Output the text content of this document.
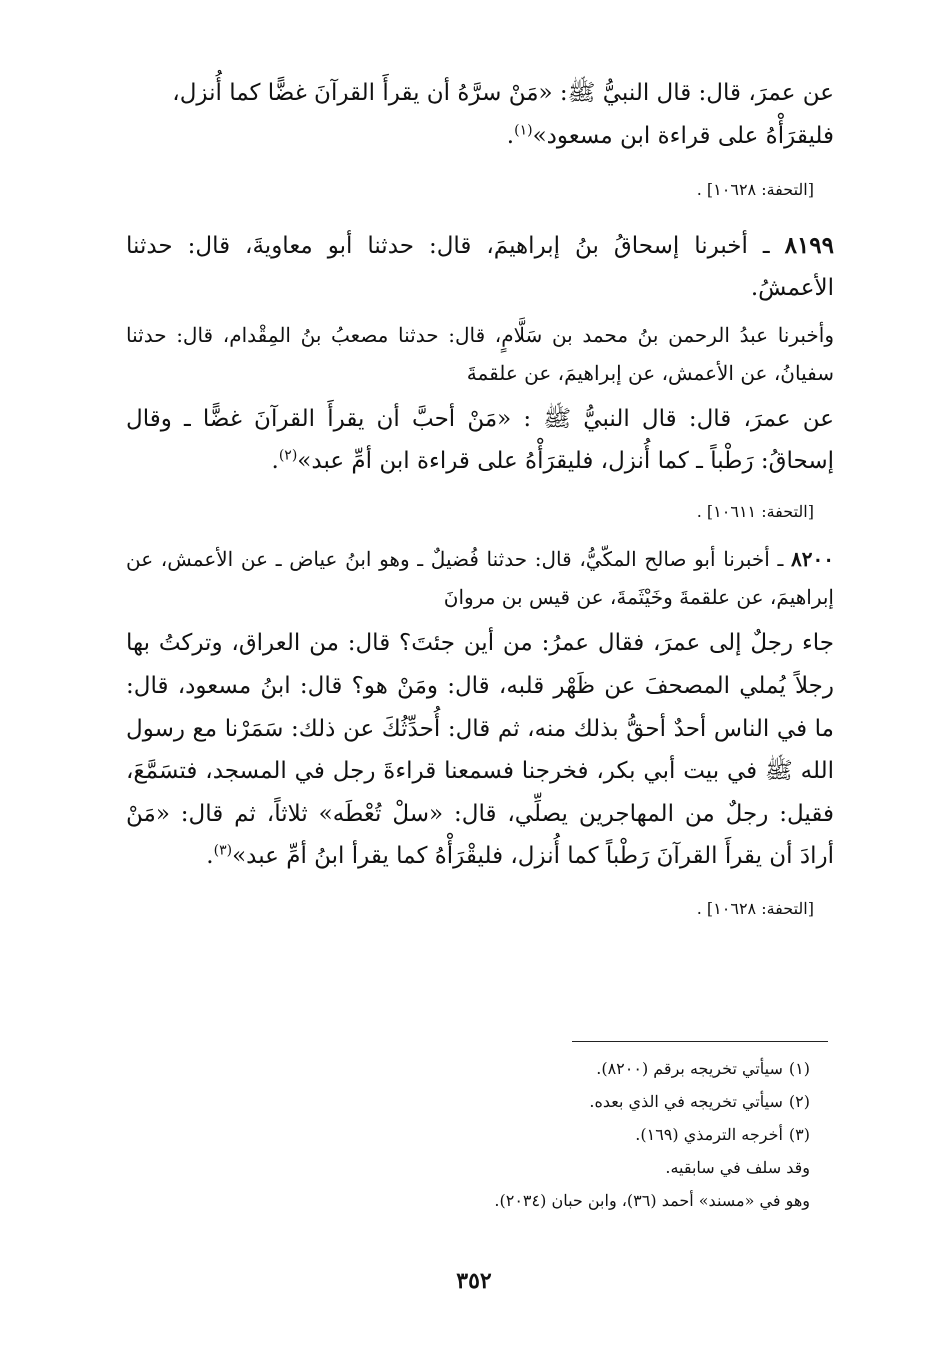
عن عمرَ، قال: قال النبيُّ ﷺ: «مَنْ سرَّهُ أن يقرأَ القرآنَ غضًّا كما أُنزل،
فليقرَأْهُ على قراءة ابن مسعود»$^{(١)}$.

[التحفة: ١٠٦٢٨] .

٨١٩٩ ـ أخبرنا إسحاقُ بنُ إبراهيمَ، قال: حدثنا أبو معاويةَ، قال: حدثنا الأعمشُ.

وأخبرنا عبدُ الرحمن بنُ محمد بن سَلَّامٍ، قال: حدثنا مصعبُ بنُ المِقْدام، قال: حدثنا سفيانُ، عن الأعمش، عن إبراهيمَ، عن علقمةَ

عن عمرَ، قال: قال النبيُّ ﷺ : «مَنْ أحبَّ أن يقرأَ القرآنَ غضًّا ـ وقال إسحاقُ: رَطْباً ـ كما أُنزل، فليقرَأْهُ على قراءة ابن أمِّ عبد»$^{(٢)}$.

[التحفة: ١٠٦١١] .

٨٢٠٠ ـ أخبرنا أبو صالح المكّيُّ، قال: حدثنا فُضيلٌ ـ وهو ابنُ عياض ـ عن الأعمش، عن إبراهيمَ، عن علقمةَ وخَيْثَمةَ، عن قيس بن مروانَ

جاء رجلٌ إلى عمرَ، فقال عمرُ: من أين جئتَ؟ قال: من العراق، وتركتُ بها رجلاً يُملي المصحفَ عن ظَهْر قلبه، قال: ومَنْ هو؟ قال: ابنُ مسعود، قال: ما في الناس أحدٌ أحقُّ بذلك منه، ثم قال: أُحدِّثُكَ عن ذلك: سَمَرْنا مع رسول الله ﷺ في بيت أبي بكر، فخرجنا فسمعنا قراءةَ رجل في المسجد، فتسَمَّعَ، فقيل: رجلٌ من المهاجرين يصلِّي، قال: «سلْ تُعْطَه» ثلاثاً، ثم قال: «مَنْ أرادَ أن يقرأَ القرآنَ رَطْباً كما أُنزل، فليقْرَأْهُ كما يقرأ ابنُ أمِّ عبد»$^{(٣)}$.

[التحفة: ١٠٦٢٨] .

(١)سيأتي تخريجه برقم (٨٢٠٠).

(٢)سيأتي تخريجه في الذي بعده.

(٣)أخرجه الترمذي (١٦٩).

وقد سلف في سابقيه.

وهو في «مسند» أحمد (٣٦)، وابن حبان (٢٠٣٤).

٣٥٢
